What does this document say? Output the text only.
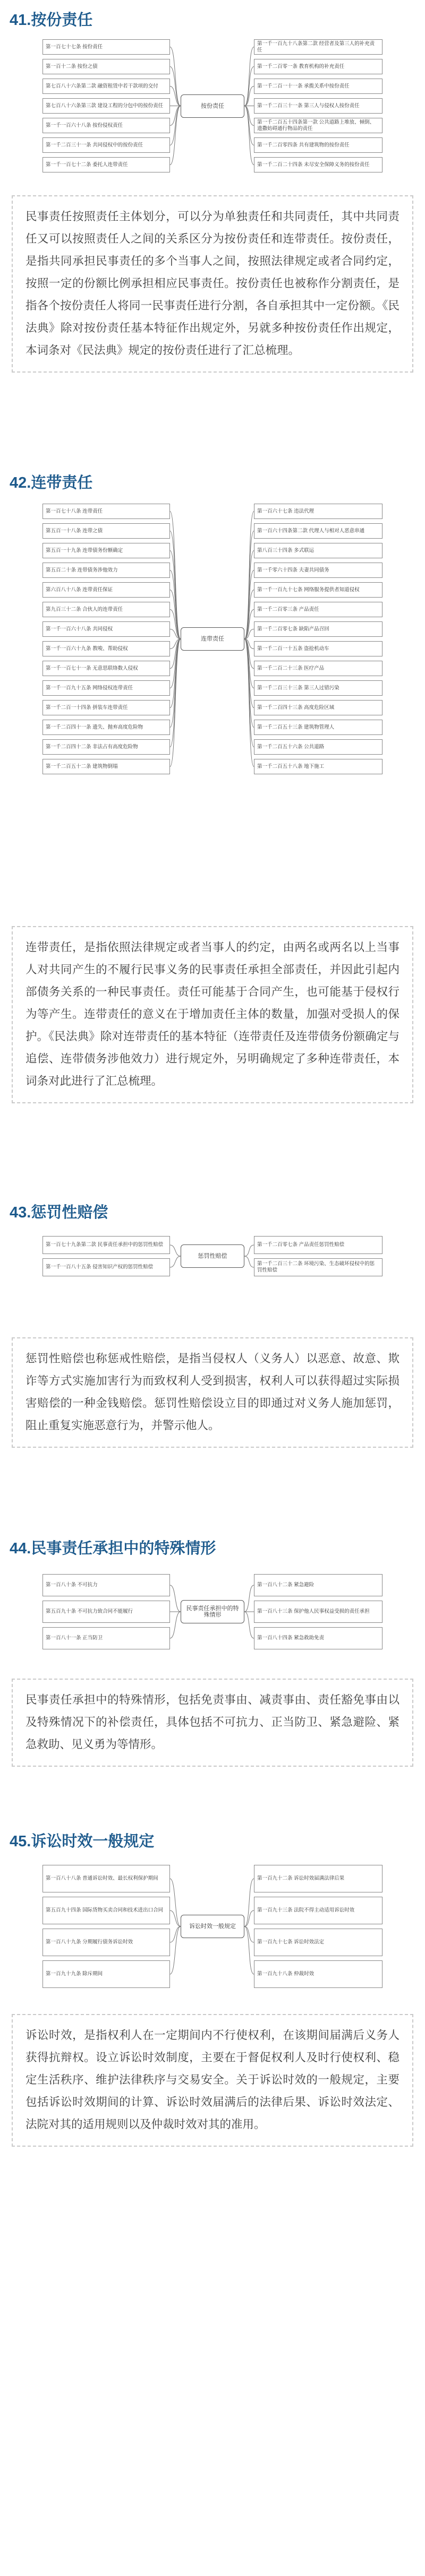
41.按份责任
第一百七十七条 按份责任
第一百十二条 按份之债
第七百八十六条第二款 融资租赁中若干款项的交付
第七百八十六条第三款 建设工程的分包中的按份责任
第一千一百六十八条 按份侵权责任
第一千二百三十一条 共同侵权中的按份责任
第一千一百七十二条 委托人连带责任
第一千一百九十八条第二款 经营者及第三人的补充责任
第一千二百零一条 教育机构的补充责任
第一千二百一十一条 承揽关系中按份责任
第一千二百三十一条 第三人与侵权人按份责任
第一千二百五十四条第一款 公共道路上堆放、倾倒、遗撒妨碍通行物品的责任
第一千二百零四条 共有建筑物的按份责任
第一千二百二十四条 未尽安全保障义务的按份责任
按份责任
民事责任按照责任主体划分，可以分为单独责任和共同责任，其中共同责任又可以按照责任人之间的关系区分为按份责任和连带责任。按份责任，是指共同承担民事责任的多个当事人之间，按照法律规定或者合同约定，按照一定的份额比例承担相应民事责任。按份责任也被称作分割责任，是指各个按份责任人将同一民事责任进行分割，各自承担其中一定份额。《民法典》除对按份责任基本特征作出规定外，另就多种按份责任作出规定，本词条对《民法典》规定的按份责任进行了汇总梳理。
42.连带责任
第一百七十八条 连带责任
第五百一十八条 连带之债
第五百一十九条 连带债务份额确定
第五百二十条 连带债务涉他效力
第六百八十八条 连带责任保证
第九百三十二条 合伙人的连带责任
第一千一百六十八条 共同侵权
第一千一百六十九条 教唆、帮助侵权
第一千一百七十一条 无意思联络数人侵权
第一千一百九十五条 网络侵权连带责任
第一千二百一十四条 拼装车连带责任
第一千二百四十一条 遗失、抛弃高度危险物
第一千二百四十二条 非法占有高度危险物
第一千二百五十二条 建筑物倒塌
第一百六十七条 违法代理
第一百六十四条第二款 代理人与相对人恶意串通
第八百三十四条 多式联运
第一千零六十四条 夫妻共同债务
第一千一百九十七条 网络服务提供者知道侵权
第一千二百零三条 产品责任
第一千二百零七条 缺陷产品召回
第一千二百一十五条 盗抢机动车
第一千二百二十三条 医疗产品
第一千二百三十三条 第三人过错污染
第一千二百四十三条 高度危险区域
第一千二百五十三条 建筑物管理人
第一千二百五十六条 公共道路
第一千二百五十八条 地下施工
连带责任
连带责任，是指依照法律规定或者当事人的约定，由两名或两名以上当事人对共同产生的不履行民事义务的民事责任承担全部责任，并因此引起内部债务关系的一种民事责任。责任可能基于合同产生，也可能基于侵权行为等产生。连带责任的意义在于增加责任主体的数量，加强对受损人的保护。《民法典》除对连带责任的基本特征（连带责任及连带债务份额确定与追偿、连带债务涉他效力）进行规定外，另明确规定了多种连带责任，本词条对此进行了汇总梳理。
43.惩罚性赔偿
第一百七十九条第二款 民事责任承担中的惩罚性赔偿
第一千一百八十五条 侵害知识产权的惩罚性赔偿
第一千二百零七条 产品责任惩罚性赔偿
第一千二百三十二条 环境污染、生态破坏侵权中的惩罚性赔偿
惩罚性赔偿
惩罚性赔偿也称惩戒性赔偿，是指当侵权人（义务人）以恶意、故意、欺诈等方式实施加害行为而致权利人受到损害，权利人可以获得超过实际损害赔偿的一种金钱赔偿。惩罚性赔偿设立目的即通过对义务人施加惩罚，阻止重复实施恶意行为，并警示他人。
44.民事责任承担中的特殊情形
第一百八十条 不可抗力
第五百九十条 不可抗力致合同不能履行
第一百八十一条 正当防卫
第一百八十二条 紧急避险
第一百八十三条 保护他人民事权益受损的责任承担
第一百八十四条 紧急救助免责
民事责任承担中的特殊情形
民事责任承担中的特殊情形，包括免责事由、减责事由、责任豁免事由以及特殊情况下的补偿责任，具体包括不可抗力、正当防卫、紧急避险、紧急救助、见义勇为等情形。
45.诉讼时效一般规定
第一百八十八条 普通诉讼时效、最长权利保护期间
第五百九十四条 国际货物买卖合同和技术进出口合同
第一百八十九条 分期履行债务诉讼时效
第一百九十九条 除斥期间
第一百九十二条 诉讼时效届满法律后果
第一百九十三条 法院不得主动适用诉讼时效
第一百九十七条 诉讼时效法定
第一百九十八条 仲裁时效
诉讼时效一般规定
诉讼时效，是指权利人在一定期间内不行使权利，在该期间届满后义务人获得抗辩权。设立诉讼时效制度，主要在于督促权利人及时行使权利、稳定生活秩序、维护法律秩序与交易安全。关于诉讼时效的一般规定，主要包括诉讼时效期间的计算、诉讼时效届满后的法律后果、诉讼时效法定、法院对其的适用规则以及仲裁时效对其的准用。
